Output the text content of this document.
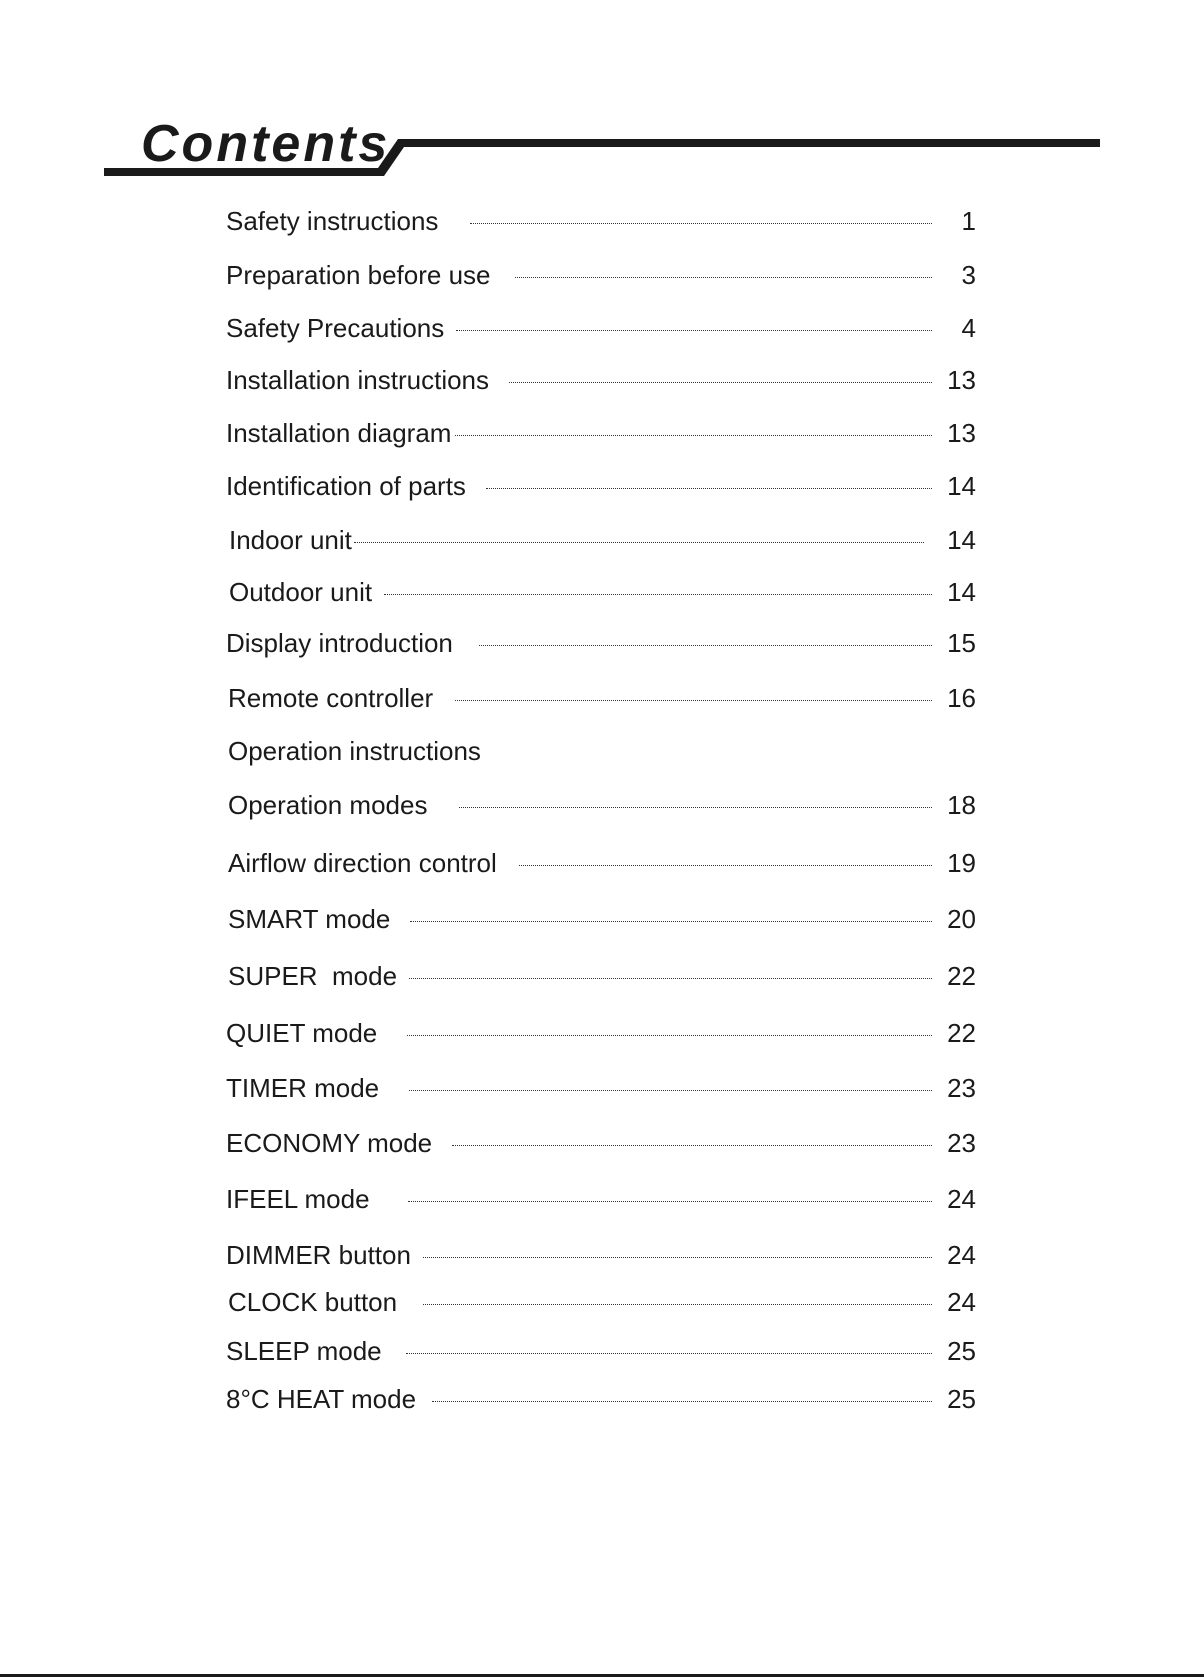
Contents
Safety instructions	1
Preparation before use	3
Safety Precautions	4
Installation instructions	13
Installation diagram	13
Identification of parts	14
Indoor unit	14
Outdoor unit	14
Display introduction	15
Remote controller	16
Operation instructions
Operation modes	18
Airflow direction control	19
SMART mode	20
SUPER  mode	22
QUIET mode	22
TIMER mode	23
ECONOMY mode	23
IFEEL mode	24
DIMMER button	24
CLOCK button	24
SLEEP mode	25
8°C HEAT mode	25
